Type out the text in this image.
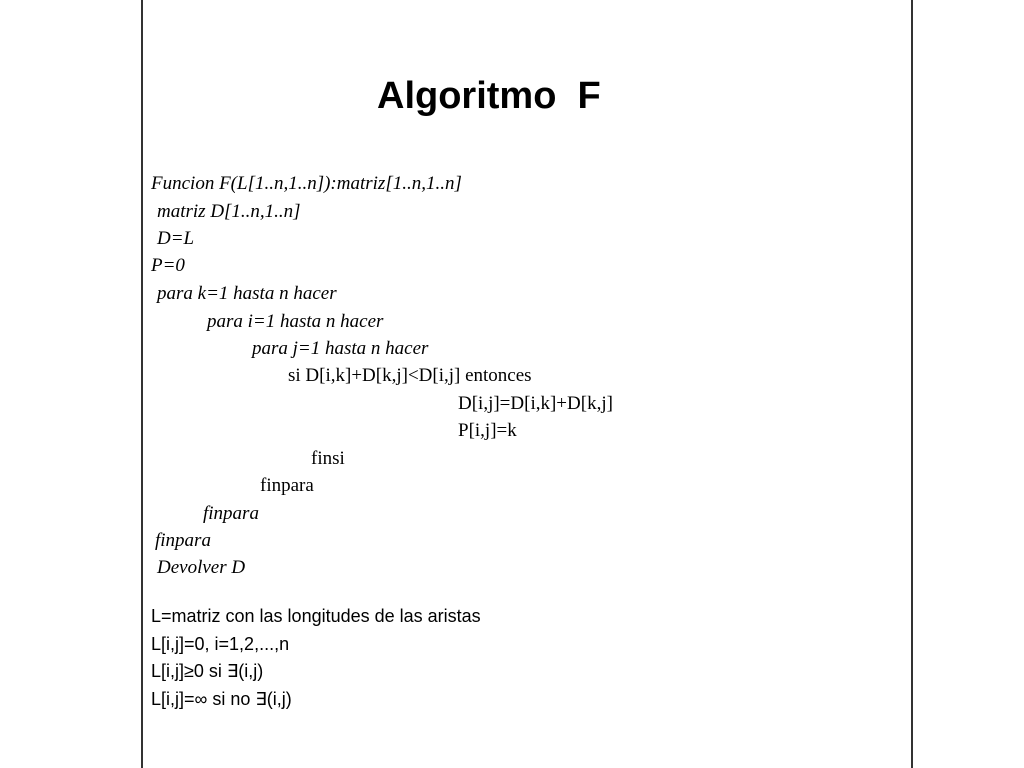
Algoritmo  F
Funcion F(L[1..n,1..n]):matriz[1..n,1..n]
matriz D[1..n,1..n]
D=L
P=0
para k=1 hasta n hacer
para i=1 hasta n hacer
para j=1 hasta n hacer
si D[i,k]+D[k,j]<D[i,j] entonces
D[i,j]=D[i,k]+D[k,j]
P[i,j]=k
finsi
finpara
finpara
finpara
Devolver D
L=matriz con las longitudes de las aristas
L[i,j]=0, i=1,2,...,n
L[i,j]≥0 si ∃(i,j)
L[i,j]=∞ si no ∃(i,j)
